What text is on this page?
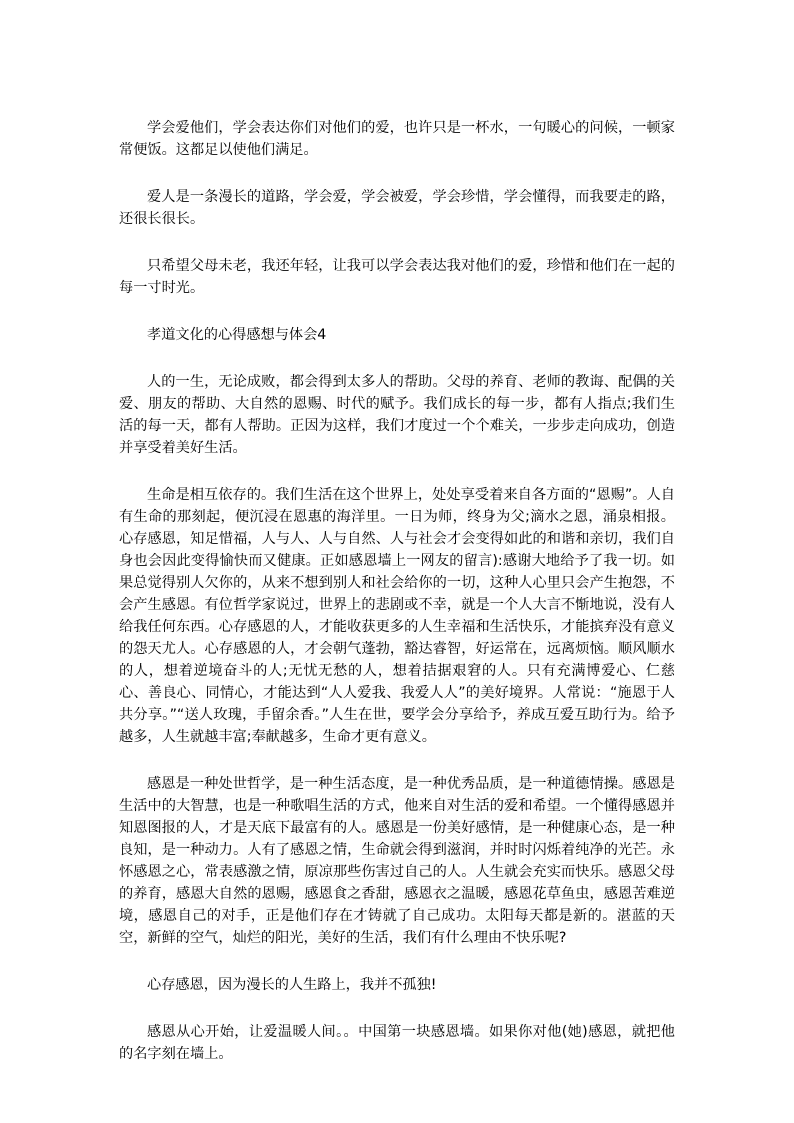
学会爱他们，学会表达你们对他们的爱，也许只是一杯水，一句暖心的问候，一顿家常便饭。这都足以使他们满足。

爱人是一条漫长的道路，学会爱，学会被爱，学会珍惜，学会懂得，而我要走的路，还很长很长。

只希望父母未老，我还年轻，让我可以学会表达我对他们的爱，珍惜和他们在一起的每一寸时光。

孝道文化的心得感想与体会4

人的一生，无论成败，都会得到太多人的帮助。父母的养育、老师的教诲、配偶的关爱、朋友的帮助、大自然的恩赐、时代的赋予。我们成长的每一步，都有人指点;我们生活的每一天，都有人帮助。正因为这样，我们才度过一个个难关，一步步走向成功，创造并享受着美好生活。

生命是相互依存的。我们生活在这个世界上，处处享受着来自各方面的“恩赐”。人自有生命的那刻起，便沉浸在恩惠的海洋里。一日为师，终身为父;滴水之恩，涌泉相报。心存感恩，知足惜福，人与人、人与自然、人与社会才会变得如此的和谐和亲切，我们自身也会因此变得愉快而又健康。正如感恩墙上一网友的留言):感谢大地给予了我一切。如果总觉得别人欠你的，从来不想到别人和社会给你的一切，这种人心里只会产生抱怨，不会产生感恩。有位哲学家说过，世界上的悲剧或不幸，就是一个人大言不惭地说，没有人给我任何东西。心存感恩的人，才能收获更多的人生幸福和生活快乐，才能摈弃没有意义的怨天尤人。心存感恩的人，才会朝气蓬勃，豁达睿智，好运常在，远离烦恼。顺风顺水的人，想着逆境奋斗的人;无忧无愁的人，想着拮据艰窘的人。只有充满博爱心、仁慈心、善良心、同情心，才能达到“人人爱我、我爱人人”的美好境界。人常说：“施恩于人共分享。”“送人玫瑰，手留余香。”人生在世，要学会分享给予，养成互爱互助行为。给予越多，人生就越丰富;奉献越多，生命才更有意义。

感恩是一种处世哲学，是一种生活态度，是一种优秀品质，是一种道德情操。感恩是生活中的大智慧，也是一种歌唱生活的方式，他来自对生活的爱和希望。一个懂得感恩并知恩图报的人，才是天底下最富有的人。感恩是一份美好感情，是一种健康心态，是一种良知，是一种动力。人有了感恩之情，生命就会得到滋润，并时时闪烁着纯净的光芒。永怀感恩之心，常表感激之情，原凉那些伤害过自己的人。人生就会充实而快乐。感恩父母的养育，感恩大自然的恩赐，感恩食之香甜，感恩衣之温暖，感恩花草鱼虫，感恩苦难逆境，感恩自己的对手，正是他们存在才铸就了自己成功。太阳每天都是新的。湛蓝的天空，新鲜的空气，灿烂的阳光，美好的生活，我们有什么理由不快乐呢?

心存感恩，因为漫长的人生路上，我并不孤独!

感恩从心开始，让爱温暖人间。。中国第一块感恩墙。如果你对他(她)感恩，就把他的名字刻在墙上。
